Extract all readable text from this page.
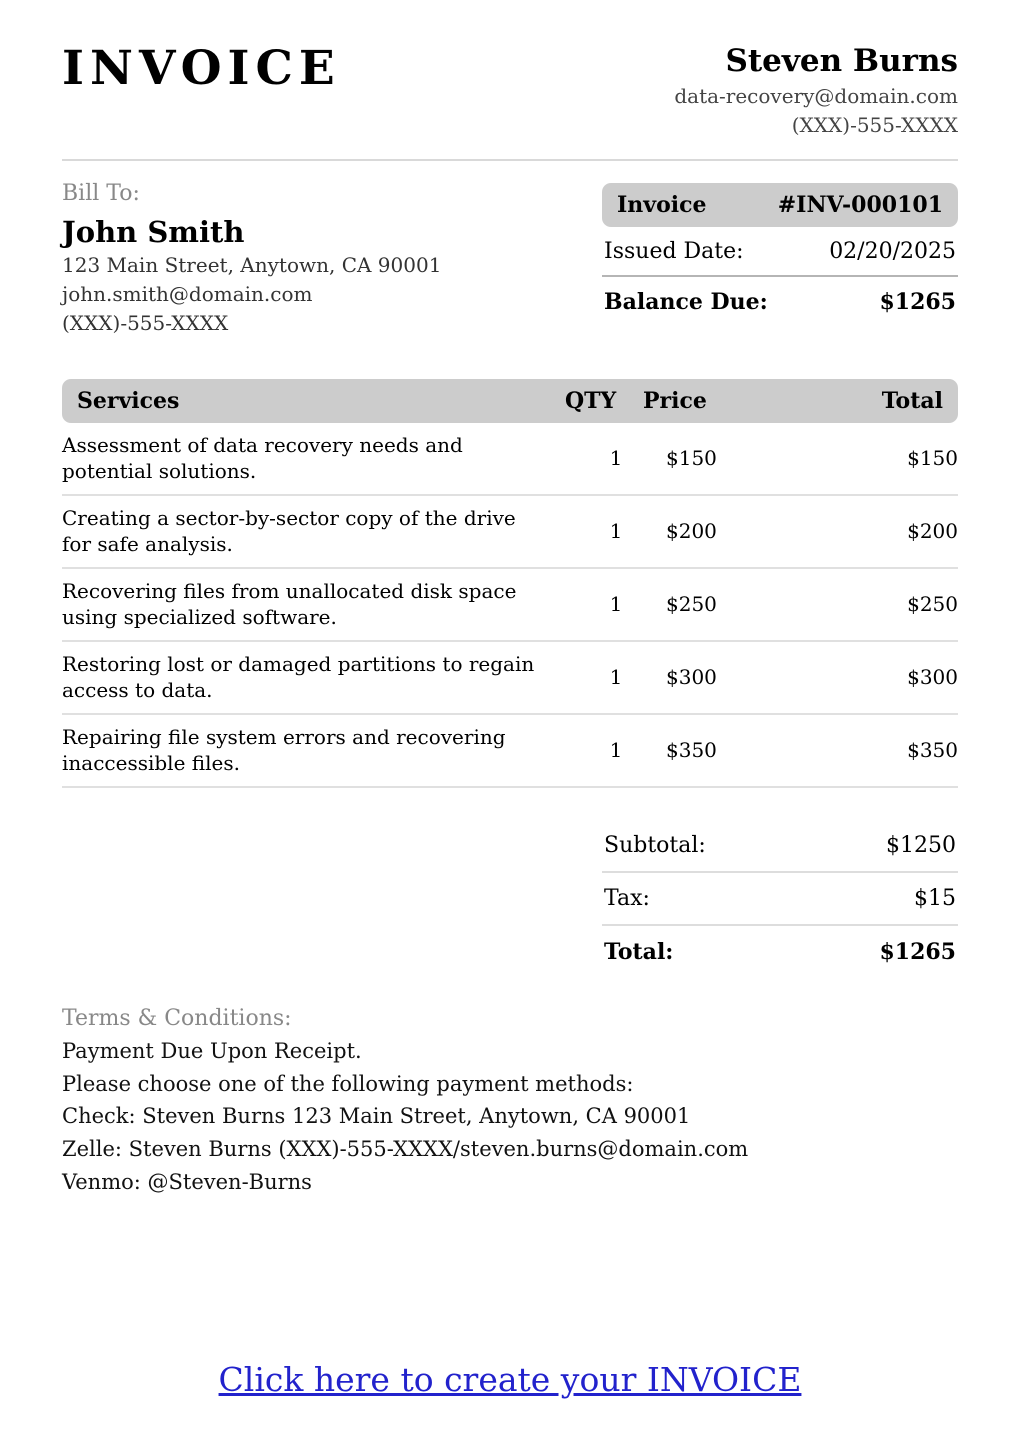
INVOICE	Steven Burns
data-recovery@domain.com
(XXX)-555-XXXX
Bill To:
John Smith
123 Main Street, Anytown, CA 90001
john.smith@domain.com
(XXX)-555-XXXX
Invoice	#INV-000101
Issued Date:	02/20/2025
Balance Due:	$1265
Services	QTY	Price	Total
Assessment of data recovery needs and potential solutions.
1	$150	$150
Creating a sector-by-sector copy of the drive for safe analysis.
1	$200	$200
Recovering files from unallocated disk space using specialized software.
1	$250	$250
Restoring lost or damaged partitions to regain access to data.
1	$300	$300
Repairing file system errors and recovering inaccessible files.
1	$350	$350
Subtotal:	$1250
Tax:	$15
Total:	$1265
Terms & Conditions:
Payment Due Upon Receipt.
Please choose one of the following payment methods:
Check: Steven Burns 123 Main Street, Anytown, CA 90001
Zelle: Steven Burns (XXX)-555-XXXX/steven.burns@domain.com
Venmo: @Steven-Burns
Click here to create your INVOICE
